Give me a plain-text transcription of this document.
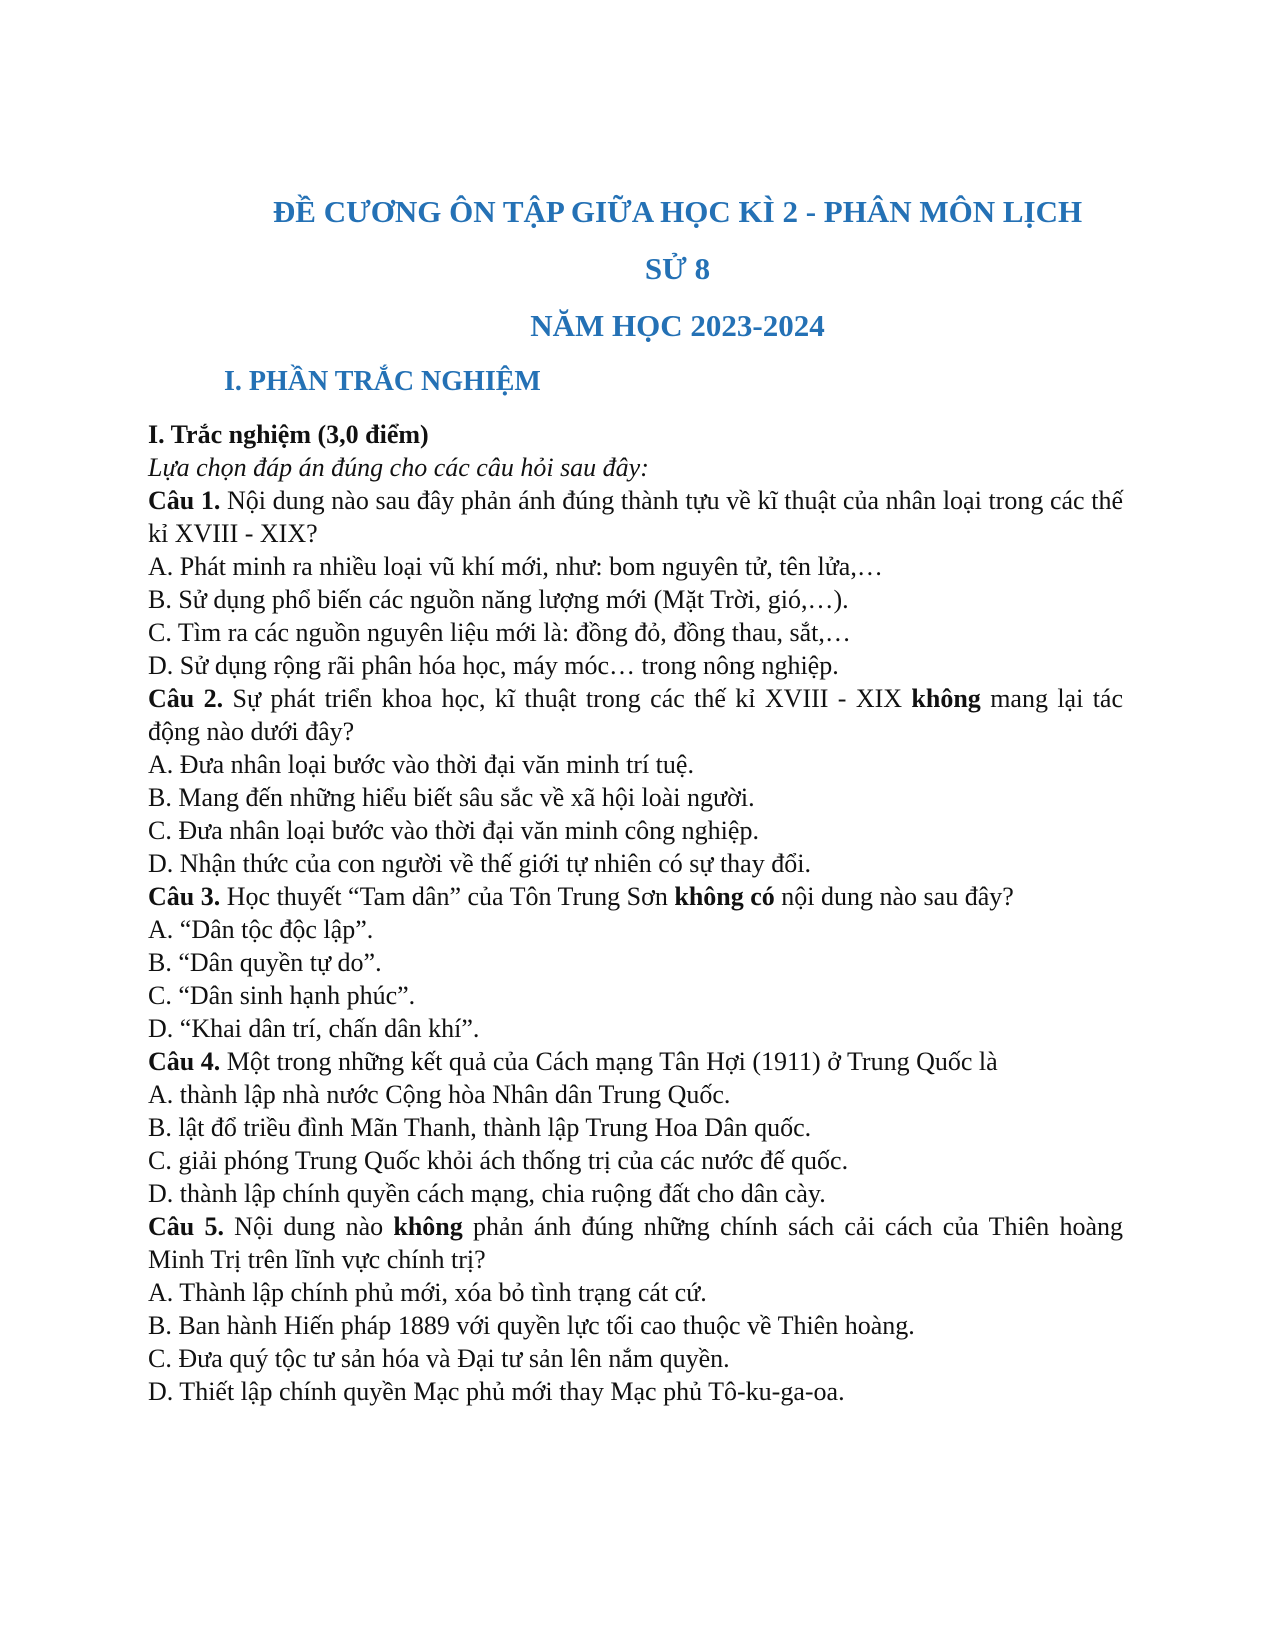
ĐỀ CƯƠNG ÔN TẬP GIỮA HỌC KÌ 2 - PHÂN MÔN LỊCH
SỬ 8
NĂM HỌC 2023-2024
I. PHẦN TRẮC NGHIỆM

I. Trắc nghiệm (3,0 điểm)

Lựa chọn đáp án đúng cho các câu hỏi sau đây:

Câu 1. Nội dung nào sau đây phản ánh đúng thành tựu về kĩ thuật của nhân loại trong các thế kỉ XVIII - XIX?

A. Phát minh ra nhiều loại vũ khí mới, như: bom nguyên tử, tên lửa,…

B. Sử dụng phổ biến các nguồn năng lượng mới (Mặt Trời, gió,…).

C. Tìm ra các nguồn nguyên liệu mới là: đồng đỏ, đồng thau, sắt,…

D. Sử dụng rộng rãi phân hóa học, máy móc… trong nông nghiệp.

Câu 2. Sự phát triển khoa học, kĩ thuật trong các thế kỉ XVIII - XIX không mang lại tác động nào dưới đây?

A. Đưa nhân loại bước vào thời đại văn minh trí tuệ.

B. Mang đến những hiểu biết sâu sắc về xã hội loài người.

C. Đưa nhân loại bước vào thời đại văn minh công nghiệp.

D. Nhận thức của con người về thế giới tự nhiên có sự thay đổi.

Câu 3. Học thuyết “Tam dân” của Tôn Trung Sơn không có nội dung nào sau đây?

A. “Dân tộc độc lập”.

B. “Dân quyền tự do”.

C. “Dân sinh hạnh phúc”.

D. “Khai dân trí, chấn dân khí”.

Câu 4. Một trong những kết quả của Cách mạng Tân Hợi (1911) ở Trung Quốc là

A. thành lập nhà nước Cộng hòa Nhân dân Trung Quốc.

B. lật đổ triều đình Mãn Thanh, thành lập Trung Hoa Dân quốc.

C. giải phóng Trung Quốc khỏi ách thống trị của các nước đế quốc.

D. thành lập chính quyền cách mạng, chia ruộng đất cho dân cày.

Câu 5. Nội dung nào không phản ánh đúng những chính sách cải cách của Thiên hoàng Minh Trị trên lĩnh vực chính trị?

A. Thành lập chính phủ mới, xóa bỏ tình trạng cát cứ.

B. Ban hành Hiến pháp 1889 với quyền lực tối cao thuộc về Thiên hoàng.

C. Đưa quý tộc tư sản hóa và Đại tư sản lên nắm quyền.

D. Thiết lập chính quyền Mạc phủ mới thay Mạc phủ Tô-ku-ga-oa.
